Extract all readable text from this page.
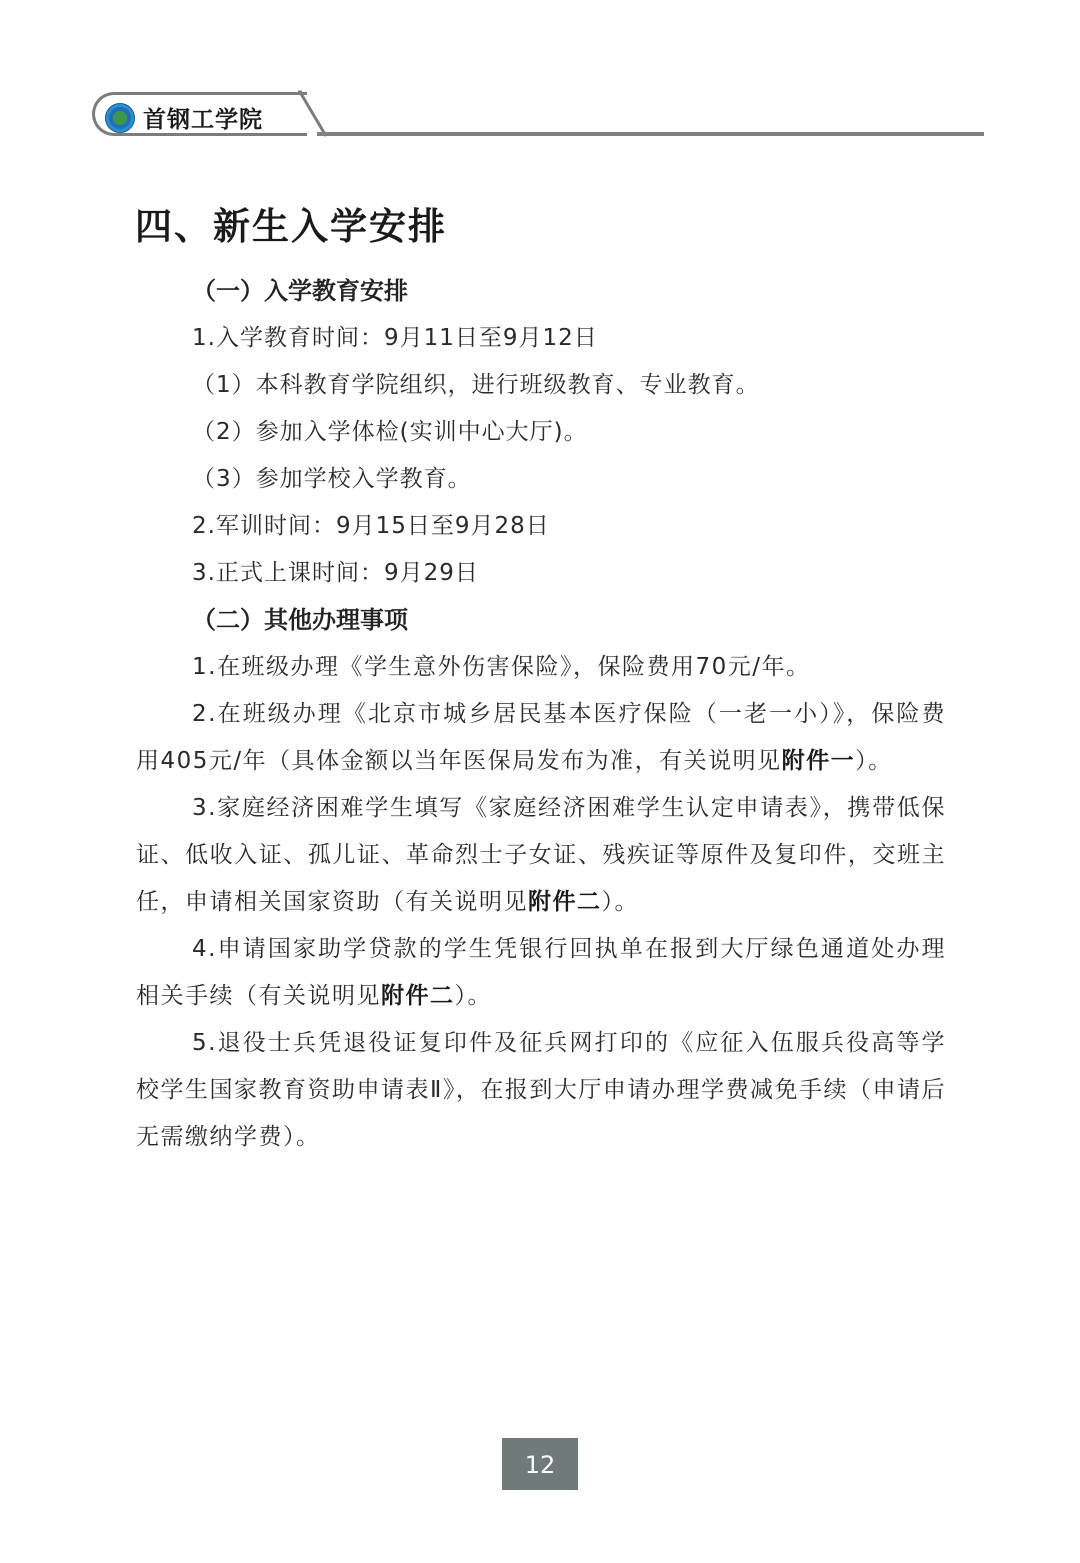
首钢工学院
四、新生入学安排

（一）入学教育安排

1.入学教育时间：9月11日至9月12日

（1）本科教育学院组织，进行班级教育、专业教育。

（2）参加入学体检(实训中心大厅)。

（3）参加学校入学教育。

2.军训时间：9月15日至9月28日

3.正式上课时间：9月29日

（二）其他办理事项

1.在班级办理《学生意外伤害保险》，保险费用70元/年。

2.在班级办理《北京市城乡居民基本医疗保险（一老一小）》，保险费用405元/年（具体金额以当年医保局发布为准，有关说明见附件一）。

3.家庭经济困难学生填写《家庭经济困难学生认定申请表》，携带低保证、低收入证、孤儿证、革命烈士子女证、残疾证等原件及复印件，交班主任，申请相关国家资助（有关说明见附件二）。

4.申请国家助学贷款的学生凭银行回执单在报到大厅绿色通道处办理相关手续（有关说明见附件二）。

5.退役士兵凭退役证复印件及征兵网打印的《应征入伍服兵役高等学校学生国家教育资助申请表Ⅱ》，在报到大厅申请办理学费减免手续（申请后无需缴纳学费）。

12
